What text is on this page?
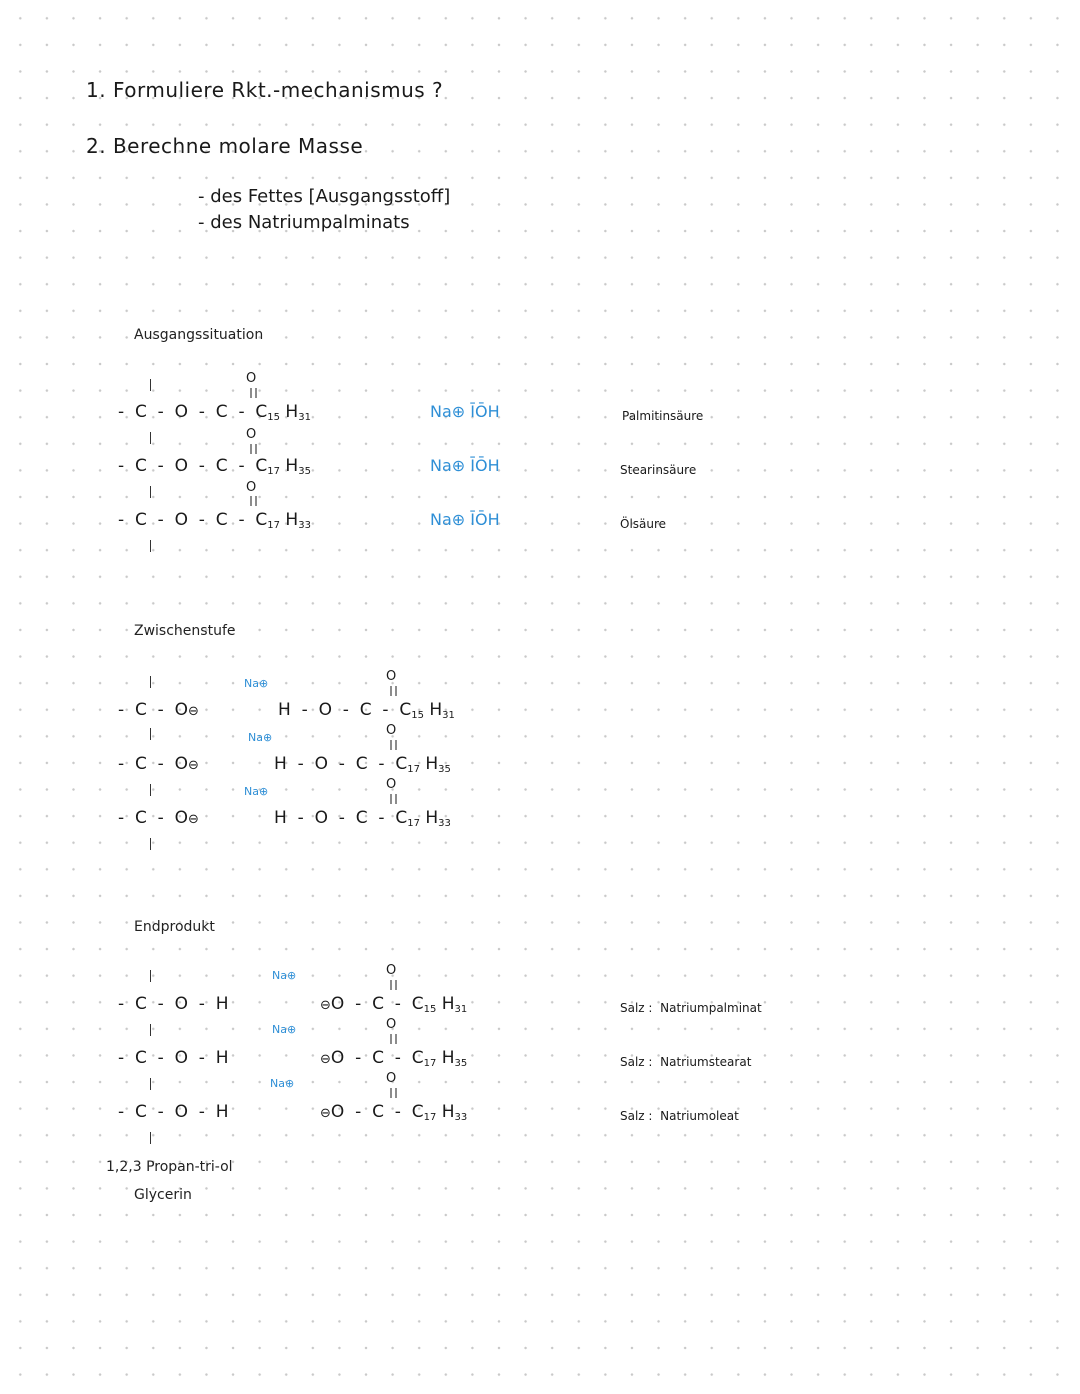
1. Formuliere Rkt.-mechanismus ?
2. Berechne molare Masse
- des Fettes [Ausgangsstoff]
- des Natriumpalminats
Ausgangssituation
- C - O - C - $C_{15}$ $H_{31}$	Na⊕ ĪŌH	Palmitinsäure
- C - O - C - $C_{17}$ $H_{35}$	Na⊕ ĪŌH	Stearinsäure
- C - O - C - $C_{17}$ $H_{33}$	Na⊕ ĪŌH	Ölsäure
Zwischenstufe
Na⊕
Na⊕
Na⊕
- C - O⊖
- C - O⊖
- C - O⊖
H - O - C - $C_{15}$ $H_{31}$
H - O - C - $C_{17}$ $H_{35}$
H - O - C - $C_{17}$ $H_{33}$
Endprodukt
- C - O - H
- C - O - H
- C - O - H
Na⊕
Na⊕
Na⊕
⊖O - C - $C_{15}$ $H_{31}$
⊖O - C - $C_{17}$ $H_{35}$
⊖O - C - $C_{17}$ $H_{33}$
Salz : Natriumpalminat
Salz : Natriumstearat
Salz : Natriumoleat
1,2,3 Propan-tri-ol
Glycerin
O
O
O
O
O
O
O
O
O
